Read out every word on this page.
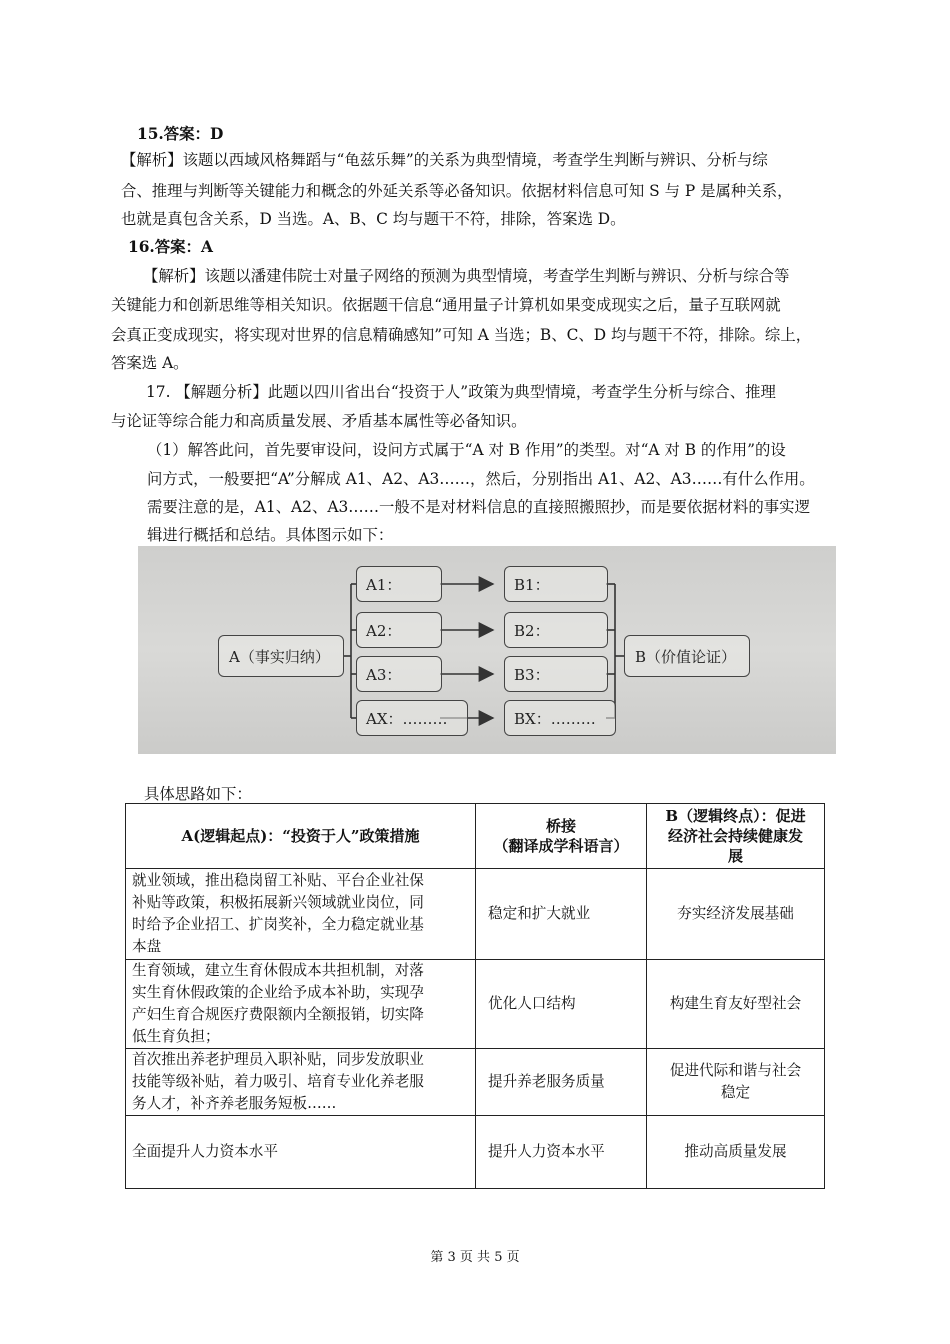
15.答案：D
【解析】该题以西域风格舞蹈与“龟兹乐舞”的关系为典型情境，考查学生判断与辨识、分析与综
合、推理与判断等关键能力和概念的外延关系等必备知识。依据材料信息可知 S 与 P 是属种关系，
也就是真包含关系，D 当选。A、B、C 均与题干不符，排除，答案选 D。
16.答案：A
【解析】该题以潘建伟院士对量子网络的预测为典型情境，考查学生判断与辨识、分析与综合等
关键能力和创新思维等相关知识。依据题干信息“通用量子计算机如果变成现实之后，量子互联网就
会真正变成现实，将实现对世界的信息精确感知”可知 A 当选；B、C、D 均与题干不符，排除。综上，
答案选 A。
17. 【解题分析】此题以四川省出台“投资于人”政策为典型情境，考查学生分析与综合、推理
与论证等综合能力和高质量发展、矛盾基本属性等必备知识。
（1）解答此问，首先要审设问，设问方式属于“A 对 B 作用”的类型。对“A 对 B 的作用”的设
问方式，一般要把“A”分解成 A1、A2、A3……，然后，分别指出 A1、A2、A3……有什么作用。
需要注意的是，A1、A2、A3……一般不是对材料信息的直接照搬照抄，而是要依据材料的事实逻
辑进行概括和总结。具体图示如下：
A（事实归纳）
A1：
A2：
A3：
AX：………
B1：
B2：
B3：
BX：………
B（价值论证）
具体思路如下：
A(逻辑起点)：“投资于人”政策措施	桥接
（翻译成学科语言）	B（逻辑终点）：促进
经济社会持续健康发
展
就业领域，推出稳岗留工补贴、平台企业社保
补贴等政策，积极拓展新兴领域就业岗位，同
时给予企业招工、扩岗奖补，全力稳定就业基
本盘	稳定和扩大就业	夯实经济发展基础
生育领域，建立生育休假成本共担机制，对落
实生育休假政策的企业给予成本补助，实现孕
产妇生育合规医疗费限额内全额报销，切实降
低生育负担；	优化人口结构	构建生育友好型社会
首次推出养老护理员入职补贴，同步发放职业
技能等级补贴，着力吸引、培育专业化养老服
务人才，补齐养老服务短板……	提升养老服务质量	促进代际和谐与社会
稳定
全面提升人力资本水平	提升人力资本水平	推动高质量发展
第 3 页 共 5 页
